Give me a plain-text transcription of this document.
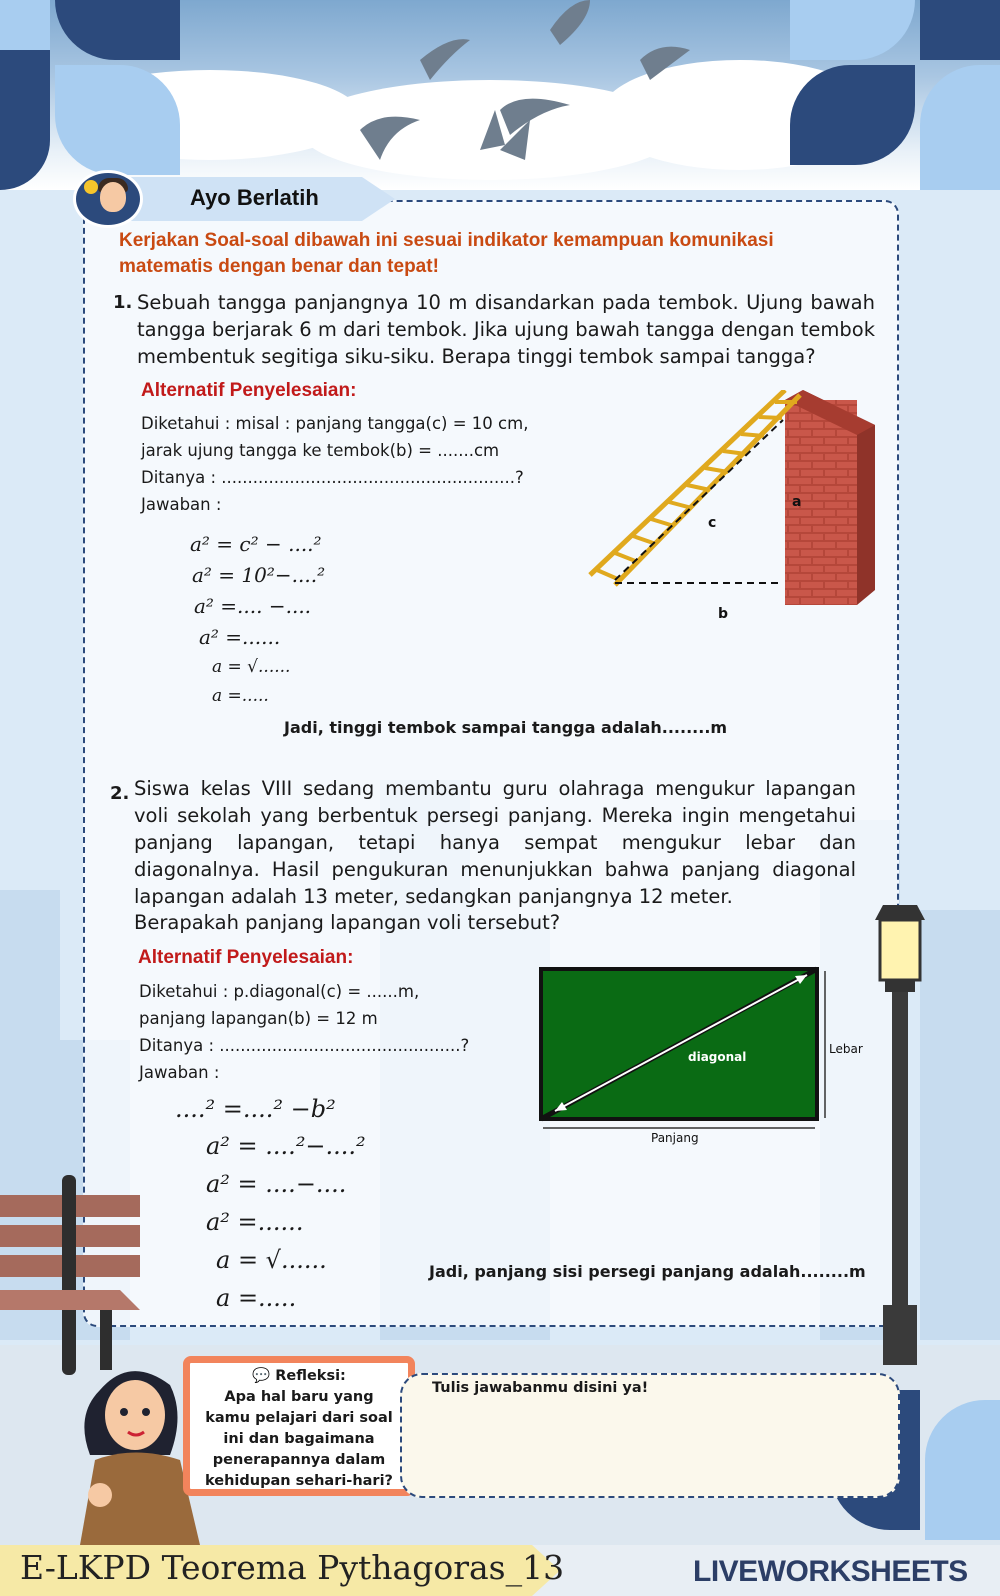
Ayo Berlatih
Kerjakan Soal-soal dibawah ini sesuai indikator kemampuan komunikasi matematis dengan benar dan tepat!
1. Sebuah tangga panjangnya 10 m disandarkan pada tembok. Ujung bawah tangga berjarak 6 m dari tembok. Jika ujung bawah tangga dengan tembok membentuk segitiga siku-siku. Berapa tinggi tembok sampai tangga?
Alternatif Penyelesaian:
Diketahui : misal : panjang tangga(c) = 10 cm,
jarak ujung tangga ke tembok(b) = .......cm
Ditanya : ........................................................?
Jawaban :
a² = c² − ....²
a² = 10²−....²
a² =.... −....
a² =......
a = √......
a =.....
Jadi, tinggi tembok sampai tangga adalah........m
a
c
b
2. Siswa kelas VIII sedang membantu guru olahraga mengukur lapangan voli sekolah yang berbentuk persegi panjang. Mereka ingin mengetahui panjang lapangan, tetapi hanya sempat mengukur lebar dan diagonalnya. Hasil pengukuran menunjukkan bahwa panjang diagonal lapangan adalah 13 meter, sedangkan panjangnya 12 meter.
Berapakah panjang lapangan voli tersebut?
Alternatif Penyelesaian:
Diketahui : p.diagonal(c) = ......m,
panjang lapangan(b) = 12 m
Ditanya : ..............................................?
Jawaban :
....² =....² −b²
a² = ....²−....²
a² = ....−....
a² =......
a = √......
a =.....
Jadi, panjang sisi persegi panjang adalah........m
diagonal
Lebar
Panjang
💬 Refleksi:
Apa hal baru yang kamu pelajari dari soal ini dan bagaimana penerapannya dalam kehidupan sehari-hari?
Tulis jawabanmu disini ya!
E-LKPD Teorema Pythagoras_13	LIVEWORKSHEETS
